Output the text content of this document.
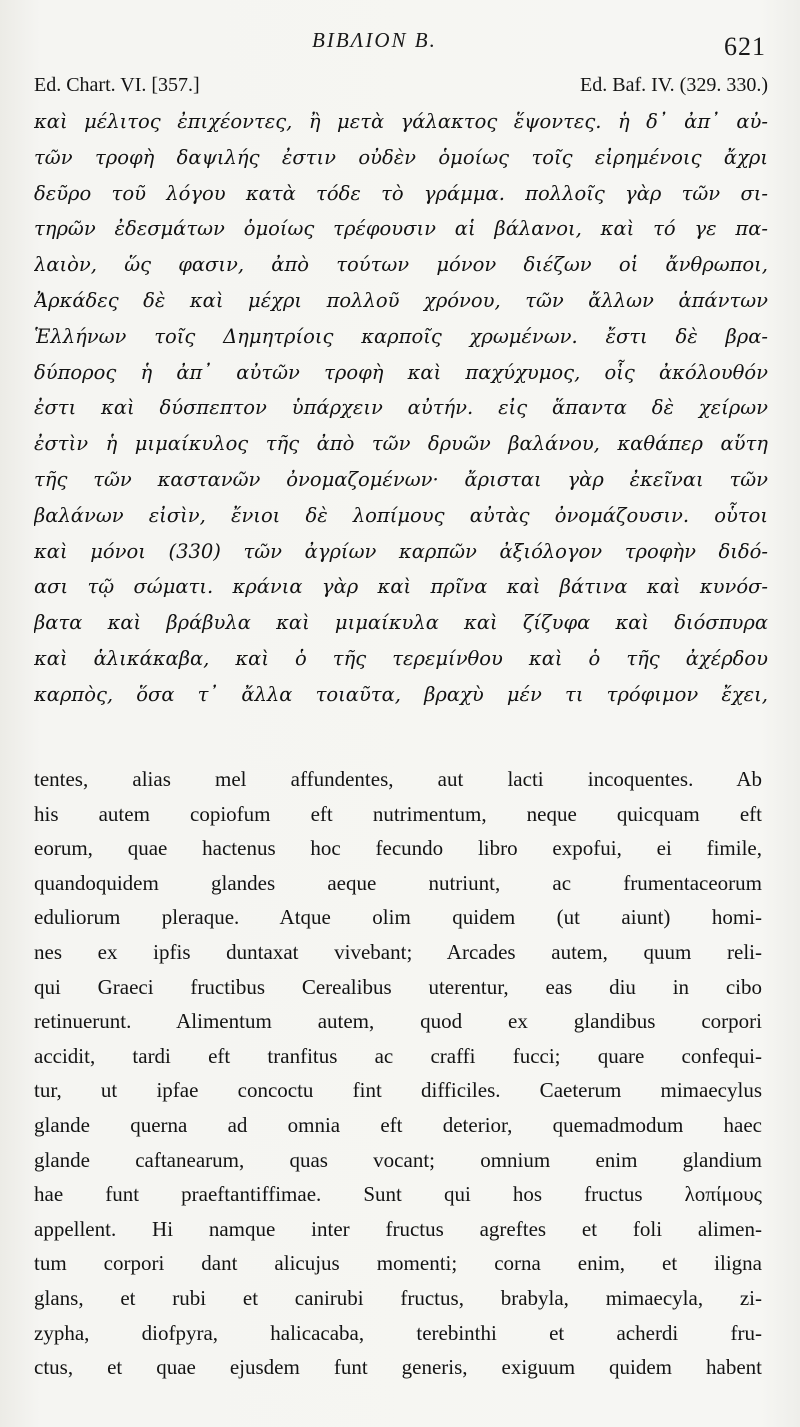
BIBΛION B.	621
Ed. Chart. VI. [357.]	Ed. Baf. IV. (329. 330.)
καὶ μέλιτος ἐπιχέοντες, ἢ μετὰ γάλακτος ἕψοντες. ἡ δ᾽ ἀπ᾽ αὐ-
τῶν τροφὴ δαψιλής ἐστιν οὐδὲν ὁμοίως τοῖς εἰρημένοις ἄχρι
δεῦρο τοῦ λόγου κατὰ τόδε τὸ γράμμα. πολλοῖς γὰρ τῶν σι-
τηρῶν ἐδεσμάτων ὁμοίως τρέφουσιν αἱ βάλανοι, καὶ τό γε πα-
λαιὸν, ὥς φασιν, ἀπὸ τούτων μόνον διέζων οἱ ἄνθρωποι,
Ἀρκάδες δὲ καὶ μέχρι πολλοῦ χρόνου, τῶν ἄλλων ἁπάντων
Ἑλλήνων τοῖς Δημητρίοις καρποῖς χρωμένων. ἔστι δὲ βρα-
δύπορος ἡ ἀπ᾽ αὐτῶν τροφὴ καὶ παχύχυμος, οἷς ἀκόλουθόν
ἐστι καὶ δύσπεπτον ὑπάρχειν αὐτήν. εἰς ἅπαντα δὲ χείρων
ἐστὶν ἡ μιμαίκυλος τῆς ἀπὸ τῶν δρυῶν βαλάνου, καθάπερ αὕτη
τῆς τῶν καστανῶν ὀνομαζομένων· ἄρισται γὰρ ἐκεῖναι τῶν
βαλάνων εἰσὶν, ἔνιοι δὲ λοπίμους αὐτὰς ὀνομάζουσιν. οὗτοι
καὶ μόνοι (330) τῶν ἀγρίων καρπῶν ἀξιόλογον τροφὴν διδό-
ασι τῷ σώματι. κράνια γὰρ καὶ πρῖνα καὶ βάτινα καὶ κυνόσ-
βατα καὶ βράβυλα καὶ μιμαίκυλα καὶ ζίζυφα καὶ διόσπυρα
καὶ ἁλικάκαβα, καὶ ὁ τῆς τερεμίνθου καὶ ὁ τῆς ἀχέρδου
καρπὸς, ὅσα τ᾽ ἄλλα τοιαῦτα, βραχὺ μέν τι τρόφιμον ἔχει,
tentes, alias mel affundentes, aut lacti incoquentes. Ab
his autem copiofum eft nutrimentum, neque quicquam eft
eorum, quae hactenus hoc fecundo libro expofui, ei fimile,
quandoquidem glandes aeque nutriunt, ac frumentaceorum
eduliorum pleraque. Atque olim quidem (ut aiunt) homi-
nes ex ipfis duntaxat vivebant; Arcades autem, quum reli-
qui Graeci fructibus Cerealibus uterentur, eas diu in cibo
retinuerunt. Alimentum autem, quod ex glandibus corpori
accidit, tardi eft tranfitus ac craffi fucci; quare confequi-
tur, ut ipfae concoctu fint difficiles. Caeterum mimaecylus
glande querna ad omnia eft deterior, quemadmodum haec
glande caftanearum, quas vocant; omnium enim glandium
hae funt praeftantiffimae. Sunt qui hos fructus λοπίμους
appellent. Hi namque inter fructus agreftes et foli alimen-
tum corpori dant alicujus momenti; corna enim, et iligna
glans, et rubi et canirubi fructus, brabyla, mimaecyla, zi-
zypha, diofpyra, halicacaba, terebinthi et acherdi fru-
ctus, et quae ejusdem funt generis, exiguum quidem habent
